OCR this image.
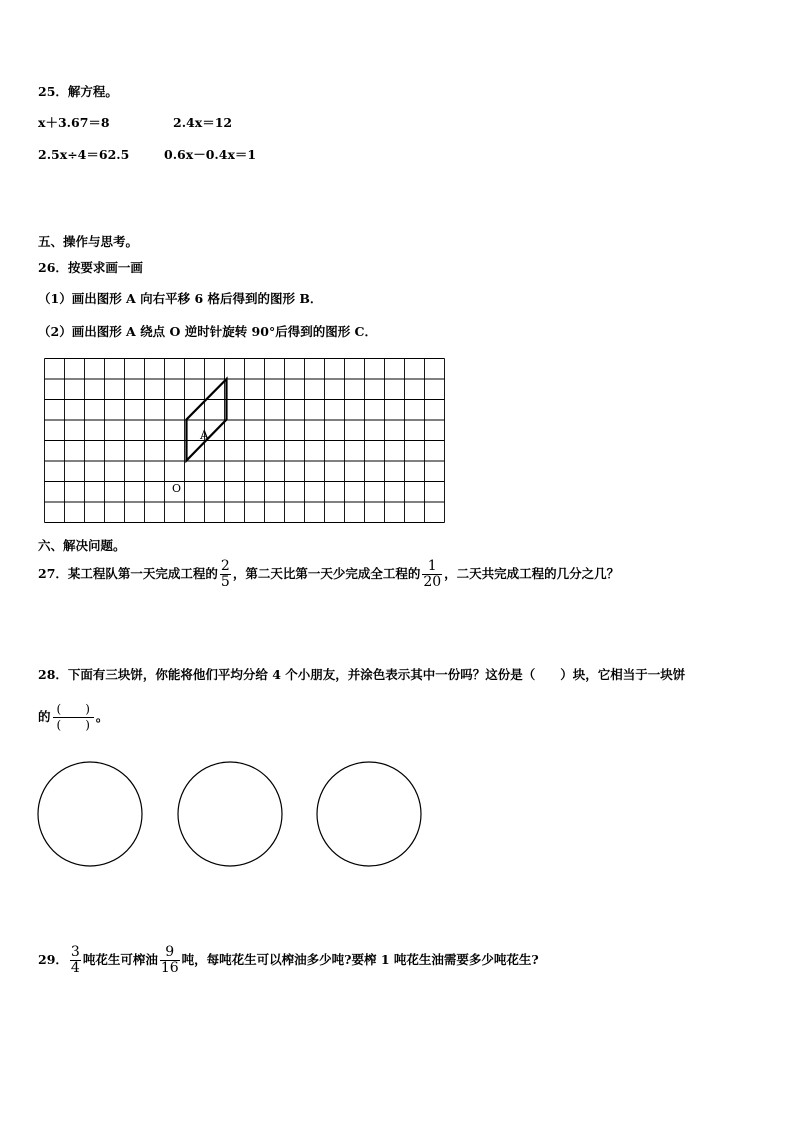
25．解方程。
x＋3.67＝8	2.4x＝12
2.5x÷4＝62.5	0.6x－0.4x＝1
五、操作与思考。
26．按要求画一画
（1）画出图形 A 向右平移 6 格后得到的图形 B．
（2）画出图形 A 绕点 O 逆时针旋转 90°后得到的图形 C．
A
O
六、解决问题。
27．某工程队第一天完成工程的 $\frac{2}{5}$ ，第二天比第一天少完成全工程的 $\frac{1}{20}$ ，二天共完成工程的几分之几？
28．下面有三块饼，你能将他们平均分给 4 个小朋友，并涂色表示其中一份吗？这份是（　　）块，它相当于一块饼
的 $\frac{( )}{( )}$ 。
29． $\frac{3}{4}$ 吨花生可榨油 $\frac{9}{16}$ 吨，每吨花生可以榨油多少吨?要榨 1 吨花生油需要多少吨花生?
